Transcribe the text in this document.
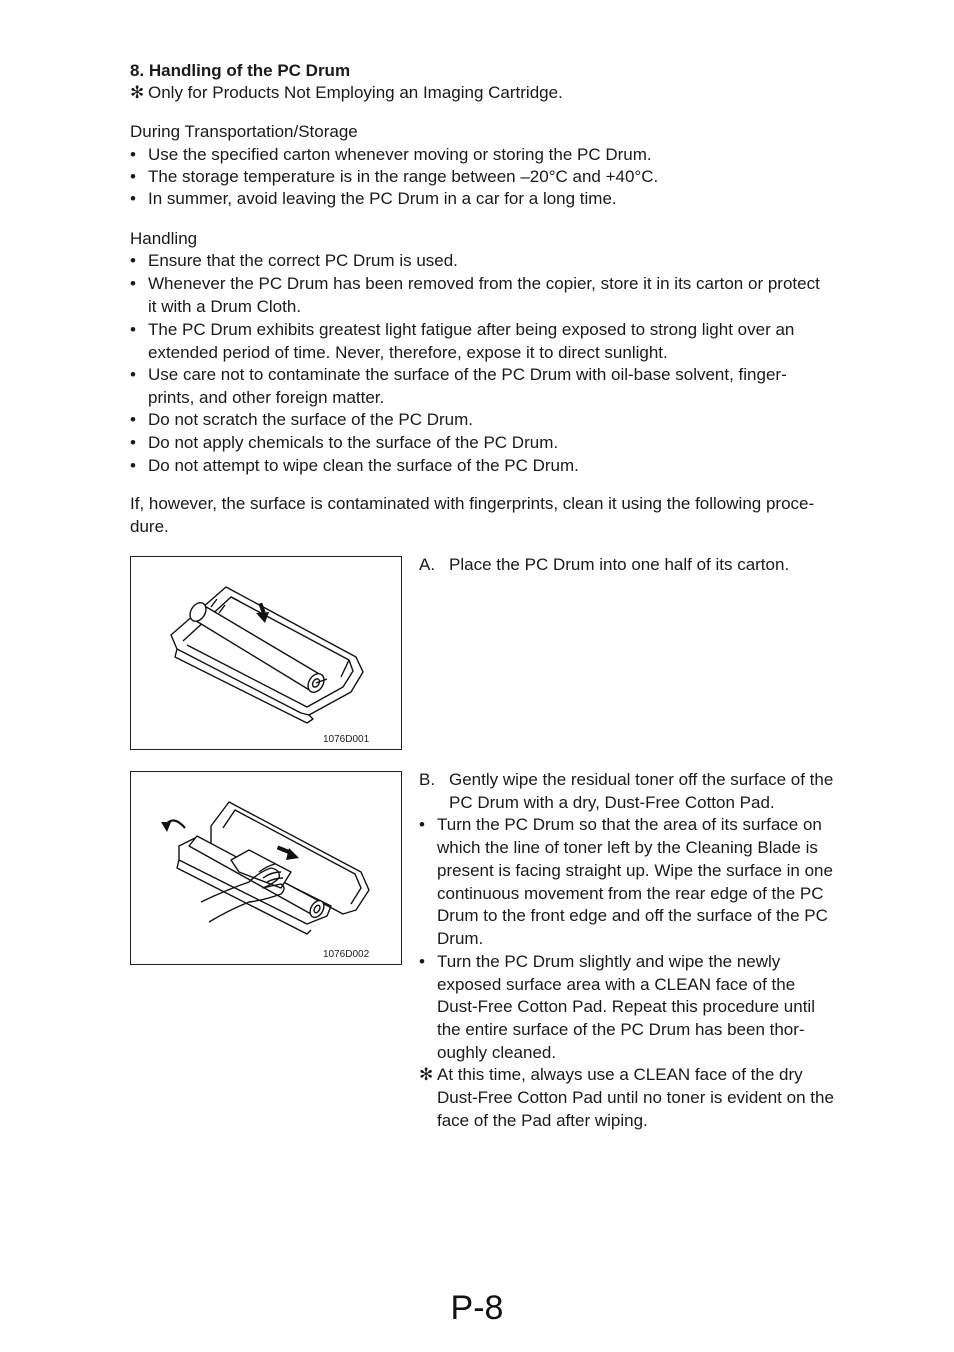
8. Handling of the PC Drum
✻ Only for Products Not Employing an Imaging Cartridge.
During Transportation/Storage
• Use the specified carton whenever moving or storing the PC Drum.
• The storage temperature is in the range between –20°C and +40°C.
• In summer, avoid leaving the PC Drum in a car for a long time.
Handling
• Ensure that the correct PC Drum is used.
• Whenever the PC Drum has been removed from the copier, store it in its carton or protect
it with a Drum Cloth.
• The PC Drum exhibits greatest light fatigue after being exposed to strong light over an
extended period of time. Never, therefore, expose it to direct sunlight.
• Use care not to contaminate the surface of the PC Drum with oil-base solvent, finger-
prints, and other foreign matter.
• Do not scratch the surface of the PC Drum.
• Do not apply chemicals to the surface of the PC Drum.
• Do not attempt to wipe clean the surface of the PC Drum.
If, however, the surface is contaminated with fingerprints, clean it using the following proce-
dure.
1076D001
A. Place the PC Drum into one half of its carton.
1076D002
B. Gently wipe the residual toner off the surface of the
PC Drum with a dry, Dust-Free Cotton Pad.
• Turn the PC Drum so that the area of its surface on
which the line of toner left by the Cleaning Blade is
present is facing straight up. Wipe the surface in one
continuous movement from the rear edge of the PC
Drum to the front edge and off the surface of the PC
Drum.
• Turn the PC Drum slightly and wipe the newly
exposed surface area with a CLEAN face of the
Dust-Free Cotton Pad. Repeat this procedure until
the entire surface of the PC Drum has been thor-
oughly cleaned.
✻ At this time, always use a CLEAN face of the dry
Dust-Free Cotton Pad until no toner is evident on the
face of the Pad after wiping.
P-8
